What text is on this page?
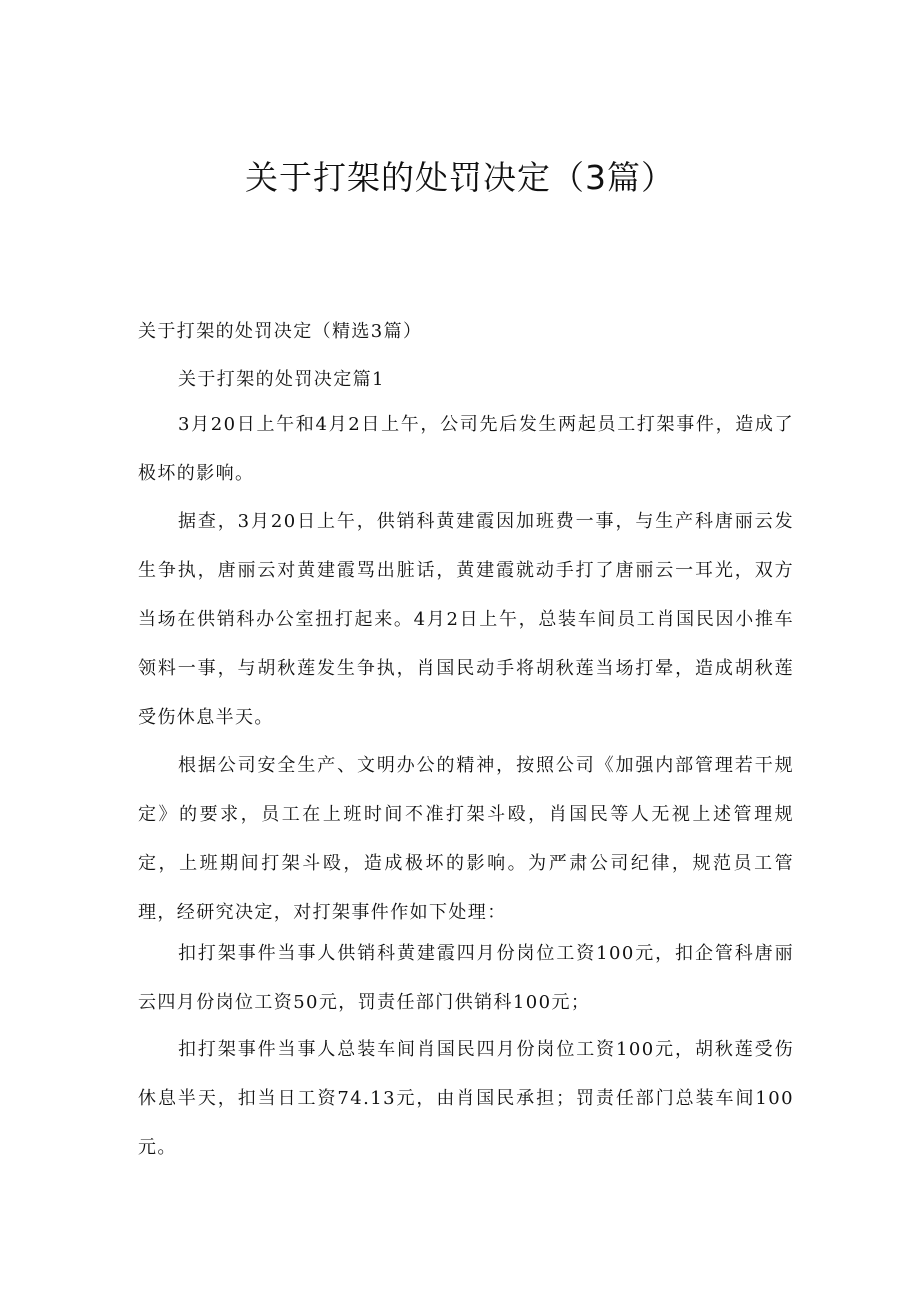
关于打架的处罚决定（3篇）

关于打架的处罚决定（精选3篇）

关于打架的处罚决定篇1

3月20日上午和4月2日上午，公司先后发生两起员工打架事件，造成了极坏的影响。

据查，3月20日上午，供销科黄建霞因加班费一事，与生产科唐丽云发生争执，唐丽云对黄建霞骂出脏话，黄建霞就动手打了唐丽云一耳光，双方当场在供销科办公室扭打起来。4月2日上午，总装车间员工肖国民因小推车领料一事，与胡秋莲发生争执，肖国民动手将胡秋莲当场打晕，造成胡秋莲受伤休息半天。

根据公司安全生产、文明办公的精神，按照公司《加强内部管理若干规定》的要求，员工在上班时间不准打架斗殴，肖国民等人无视上述管理规定，上班期间打架斗殴，造成极坏的影响。为严肃公司纪律，规范员工管理，经研究决定，对打架事件作如下处理：

扣打架事件当事人供销科黄建霞四月份岗位工资100元，扣企管科唐丽云四月份岗位工资50元，罚责任部门供销科100元；

扣打架事件当事人总装车间肖国民四月份岗位工资100元，胡秋莲受伤休息半天，扣当日工资74.13元，由肖国民承担；罚责任部门总装车间100元。
